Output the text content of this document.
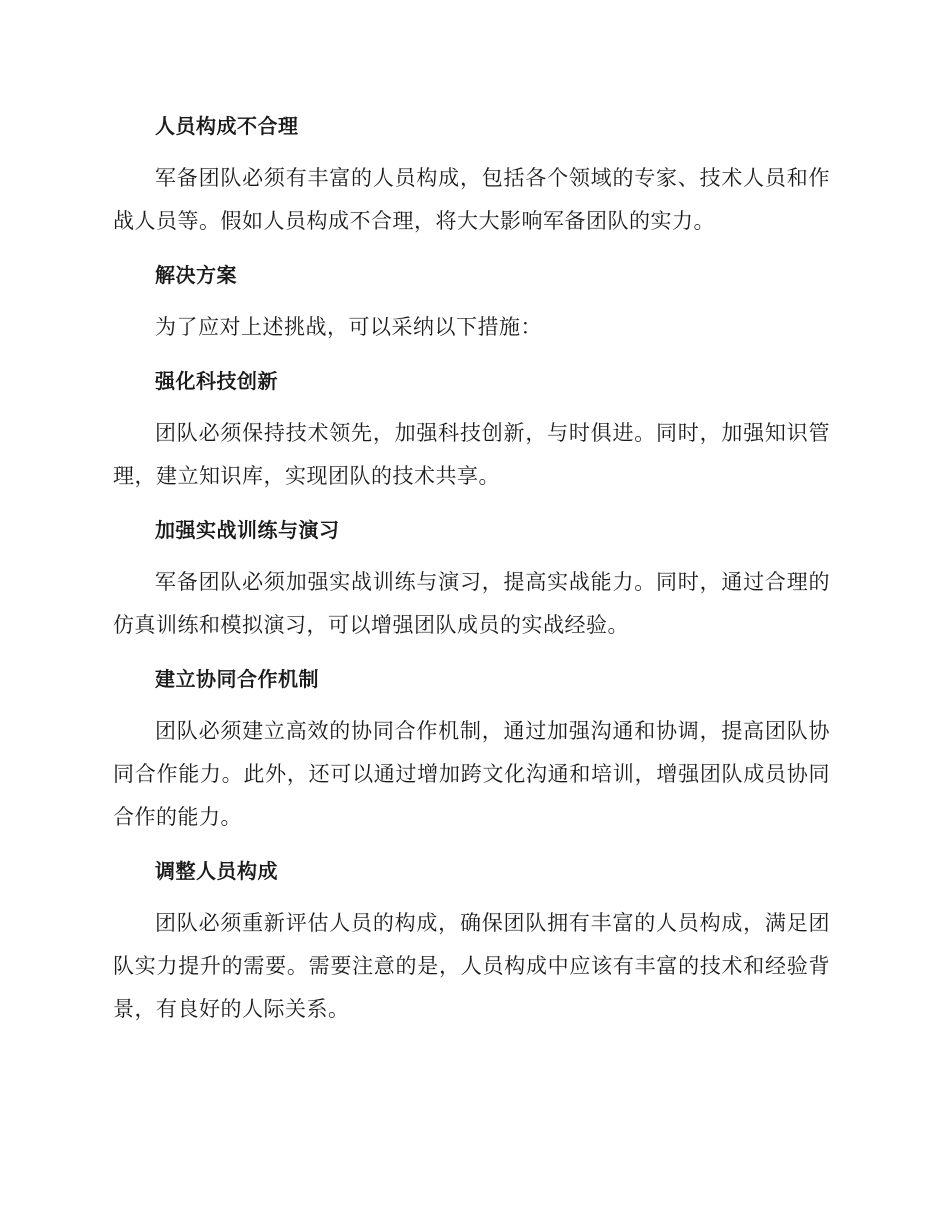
人员构成不合理

军备团队必须有丰富的人员构成，包括各个领域的专家、技术人员和作战人员等。假如人员构成不合理，将大大影响军备团队的实力。

解决方案

为了应对上述挑战，可以采纳以下措施：

强化科技创新

团队必须保持技术领先，加强科技创新，与时俱进。同时，加强知识管理，建立知识库，实现团队的技术共享。

加强实战训练与演习

军备团队必须加强实战训练与演习，提高实战能力。同时，通过合理的仿真训练和模拟演习，可以增强团队成员的实战经验。

建立协同合作机制

团队必须建立高效的协同合作机制，通过加强沟通和协调，提高团队协同合作能力。此外，还可以通过增加跨文化沟通和培训，增强团队成员协同合作的能力。

调整人员构成

团队必须重新评估人员的构成，确保团队拥有丰富的人员构成，满足团队实力提升的需要。需要注意的是，人员构成中应该有丰富的技术和经验背景，有良好的人际关系。
